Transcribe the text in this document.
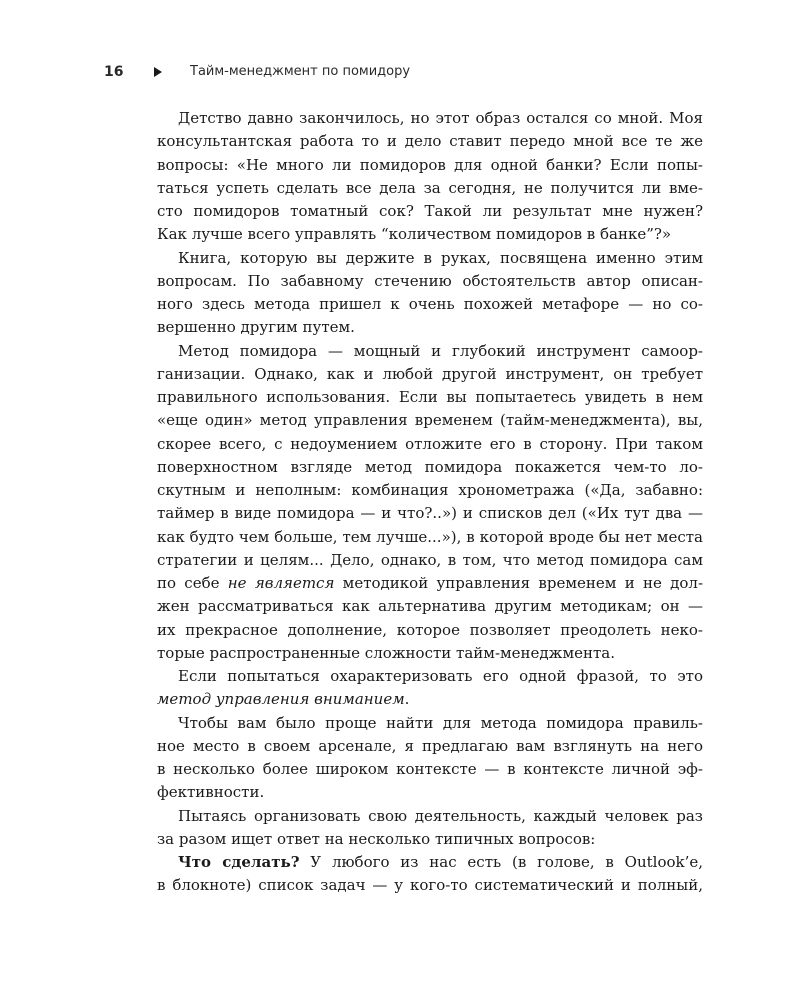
16	Тайм-менеджмент по помидору
Детство давно закончилось, но этот образ остался со мной. Моя
консультантская работа то и дело ставит передо мной все те же
вопросы: «Не много ли помидоров для одной банки? Если попы-
таться успеть сделать все дела за сегодня, не получится ли вме-
сто помидоров томатный сок? Такой ли результат мне нужен?
Как лучше всего управлять “количеством помидоров в банке”?»
Книга, которую вы держите в руках, посвящена именно этим
вопросам. По забавному стечению обстоятельств автор описан-
ного здесь метода пришел к очень похожей метафоре — но со-
вершенно другим путем.
Метод помидора — мощный и глубокий инструмент самоор-
ганизации. Однако, как и любой другой инструмент, он требует
правильного использования. Если вы попытаетесь увидеть в нем
«еще один» метод управления временем (тайм-менеджмента), вы,
скорее всего, с недоумением отложите его в сторону. При таком
поверхностном взгляде метод помидора покажется чем-то ло-
скутным и неполным: комбинация хронометража («Да, забавно:
таймер в виде помидора — и что?..») и списков дел («Их тут два —
как будто чем больше, тем лучше...»), в которой вроде бы нет места
стратегии и целям... Дело, однако, в том, что метод помидора сам
по себе не является методикой управления временем и не дол-
жен рассматриваться как альтернатива другим методикам; он —
их прекрасное дополнение, которое позволяет преодолеть неко-
торые распространенные сложности тайм-менеджмента.
Если попытаться охарактеризовать его одной фразой, то это
метод управления вниманием.
Чтобы вам было проще найти для метода помидора правиль-
ное место в своем арсенале, я предлагаю вам взглянуть на него
в несколько более широком контексте — в контексте личной эф-
фективности.
Пытаясь организовать свою деятельность, каждый человек раз
за разом ищет ответ на несколько типичных вопросов:
Что сделать? У любого из нас есть (в голове, в Outlook’е,
в блокноте) список задач — у кого-то систематический и полный,
